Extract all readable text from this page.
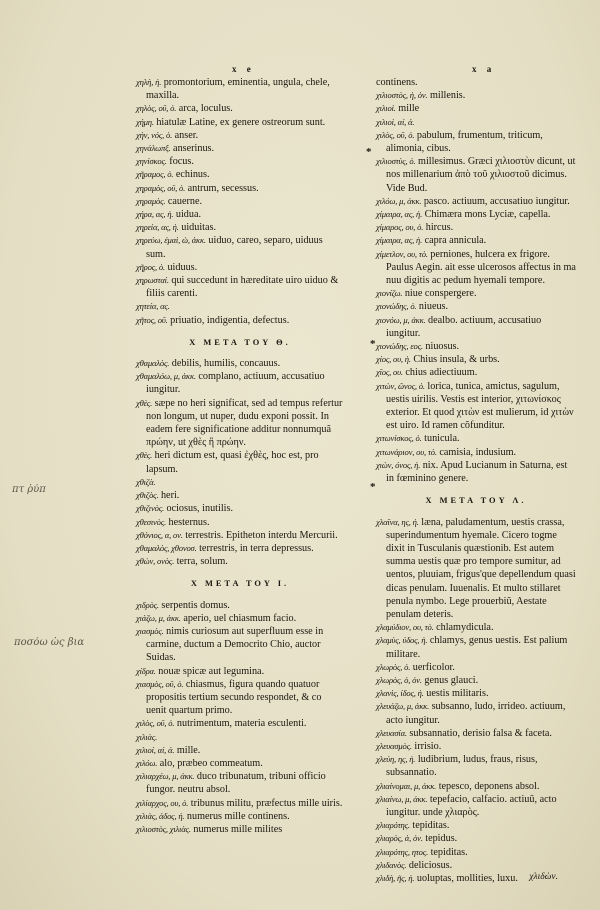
x e	x a

χηλὴ, ἡ. promontorium, eminentia, ungula, chele, maxilla.

χηλὸς, οῦ, ὁ. arca, loculus.

χήμη. hiatulæ Latine, ex genere ostreorum sunt.

χὴν, νός, ὁ. anser.

χηνάλωπξ. anserinus.

χηνίσκος. focus.

χῆραμος, ὁ. echinus.

χηραμὸς, οῦ, ὁ. antrum, secessus.

χηραμὸς. cauerne.

χήρα, ας, ἡ. uidua.

χηρεία, ας, ἡ. uiduitas.

χηρεύω, ἐμαὶ, ὡ, ἀκκ. uiduo, careo, separo, uiduus sum.

χῆρος, ὁ. uiduus.

χηρωσταί. qui succedunt in hæreditate uiro uiduo & filiis carenti.

χητεία, ας.

χῆτος, οῦ. priuatio, indigentia, defectus.

X META TOY Θ.

χθαμαλὸς. debilis, humilis, concauus.

χθαμαλόω, μ, ἀκκ. complano, actiuum, accusatiuo iungitur.

χθὲς. sæpe no heri significat, sed ad tempus refertur non longum, ut nuper, dudu exponi possit. In eadem fere significatione additur nonnumquã πρώην, ut χθὲς ἢ πρώην.

χθὲς. heri dictum est, quasi ἐχθὲς, hoc est, pro lapsum.

χθιζὰ.

χθιζὸς. heri.

χθιζινὸς. ociosus, inutilis.

χθεσινὸς. hesternus.

χθόνιος, α, ον. terrestris. Epitheton interdu Mercurii.

χθαμαλὸς, χθονοσ. terrestris, in terra depressus.

χθὼν, ονὸς. terra, solum.

X META TOY I.

χιδρὸς. serpentis domus.

χιάζω, μ, ἀκκ. aperio, uel chiasmum facio.

χιασμὸς. nimis curiosum aut superfluum esse in carmine, ductum a Democrito Chio, auctor Suidas.

χίδρα. nouæ spicæ aut legumina.

χιασμὸς, οῦ, ὁ. chiasmus, figura quando quatuor propositis tertium secundo respondet, & co uenit quartum primo.

χιλὸς, οῦ, ὁ. nutrimentum, materia esculenti.

χιλιὰς.

χιλιοί, αί, ά. mille.

χιλόω. alo, præbeo commeatum.

χιλιαρχέω, μ, ἀκκ. duco tribunatum, tribuni officio fungor. neutru absol.

χιλίαρχος, ου, ὁ. tribunus militu, præfectus mille uiris.

χιλιὰς, άδος, ἡ. numerus mille continens.

χιλιοστὸς, χιλιὰς. numerus mille milites

continens.

χιλιοστὸς, ἡ, ὀν. millenis.

χιλιοὶ. mille

χιλιοὶ, αί, ά.

χιλὸς, οῦ, ὁ. pabulum, frumentum, triticum, alimonia, cibus.

χιλιοστὺς, ὁ. millesimus. Græci χιλιοστὺν dicunt, ut nos millenarium ἀπὸ τοῦ χιλιοστοῦ dicimus. Vide Bud.

χιλόω, μ, ἀκκ. pasco. actiuum, accusatiuo iungitur.

χίμαιρα, ας, ἡ. Chimæra mons Lyciæ, capella.

χίμαρος, ου, ὁ. hircus.

χίμαιρα, ας, ἡ. capra annicula.

χίμετλον, ου, τὸ. perniones, hulcera ex frigore. Paulus Aegin. ait esse ulcerosos affectus in ma nuu digitis ac pedum hyemali tempore.

χιονίζω. niue conspergere.

χιονώδης, ὁ. niueus.

χιονόω, μ, ἀκκ. dealbo. actiuum, accusatiuo iungitur.

χιονώδης, εος. niuosus.

χίος, ου, ἡ. Chius insula, & urbs.

χῖος, ου. chius adiectiuum.

χιτὼν, ῶνος, ὁ. lorica, tunica, amictus, sagulum, uestis uirilis. Vestis est interior, χιτωνίσκος exterior. Et quod χιτὼν est mulierum, id χιτὼν est uiro. Id ramen cõfunditur.

χιτωνίσκος, ὁ. tunicula.

χιτωνάριον, ου, τὸ. camisia, indusium.

χιὼν, όνος, ἡ. nix. Apud Lucianum in Saturna, est in fœminino genere.

X META TOY Λ.

χλαῖνα, ης, ἡ. læna, paludamentum, uestis crassa, superindumentum hyemale. Cicero togme dixit in Tusculanis quæstionib. Est autem summa uestis quæ pro tempore sumitur, ad uentos, pluuiam, frigus'que depellendum quasi dicas penulam. Iuuenalis. Et multo stillaret penula nymbo. Lege prouerbiũ, Aestate penulam deteris.

χλαμύδιον, ου, τὸ. chlamydicula.

χλαμὺς, ύδος, ἡ. chlamys, genus uestis. Est palium militare.

χλωρὸς, ὁ. uerficolor.

χλωρὸς, ὁ, ὀν. genus glauci.

χλανὶς, ίδος, ἡ. uestis militaris.

χλευάζω, μ, ἀκκ. subsanno, ludo, irrideo. actiuum, acto iungitur.

χλευασία. subsannatio, derisio falsa & faceta.

χλευασμὸς. irrisio.

χλεύη, ης, ἡ. ludibrium, ludus, fraus, risus, subsannatio.

χλιαίνομαι, μ, ἀκκ. tepesco, deponens absol.

χλιαίνω, μ, ἀκκ. tepefacio, calfacio. actiuũ, acto iungitur. unde χλιαρὸς.

χλιαρότης. tepiditas.

χλιαρὸς, ἀ, ὀν. tepidus.

χλιαρότης, ητος. tepiditas.

χλιδανὸς. deliciosus.

χλιδὴ, ῆς, ἡ. uoluptas, mollities, luxu.

*
*
*
πτ ῥύπ
ποσόω ὠς βια
χλιδὼν.
